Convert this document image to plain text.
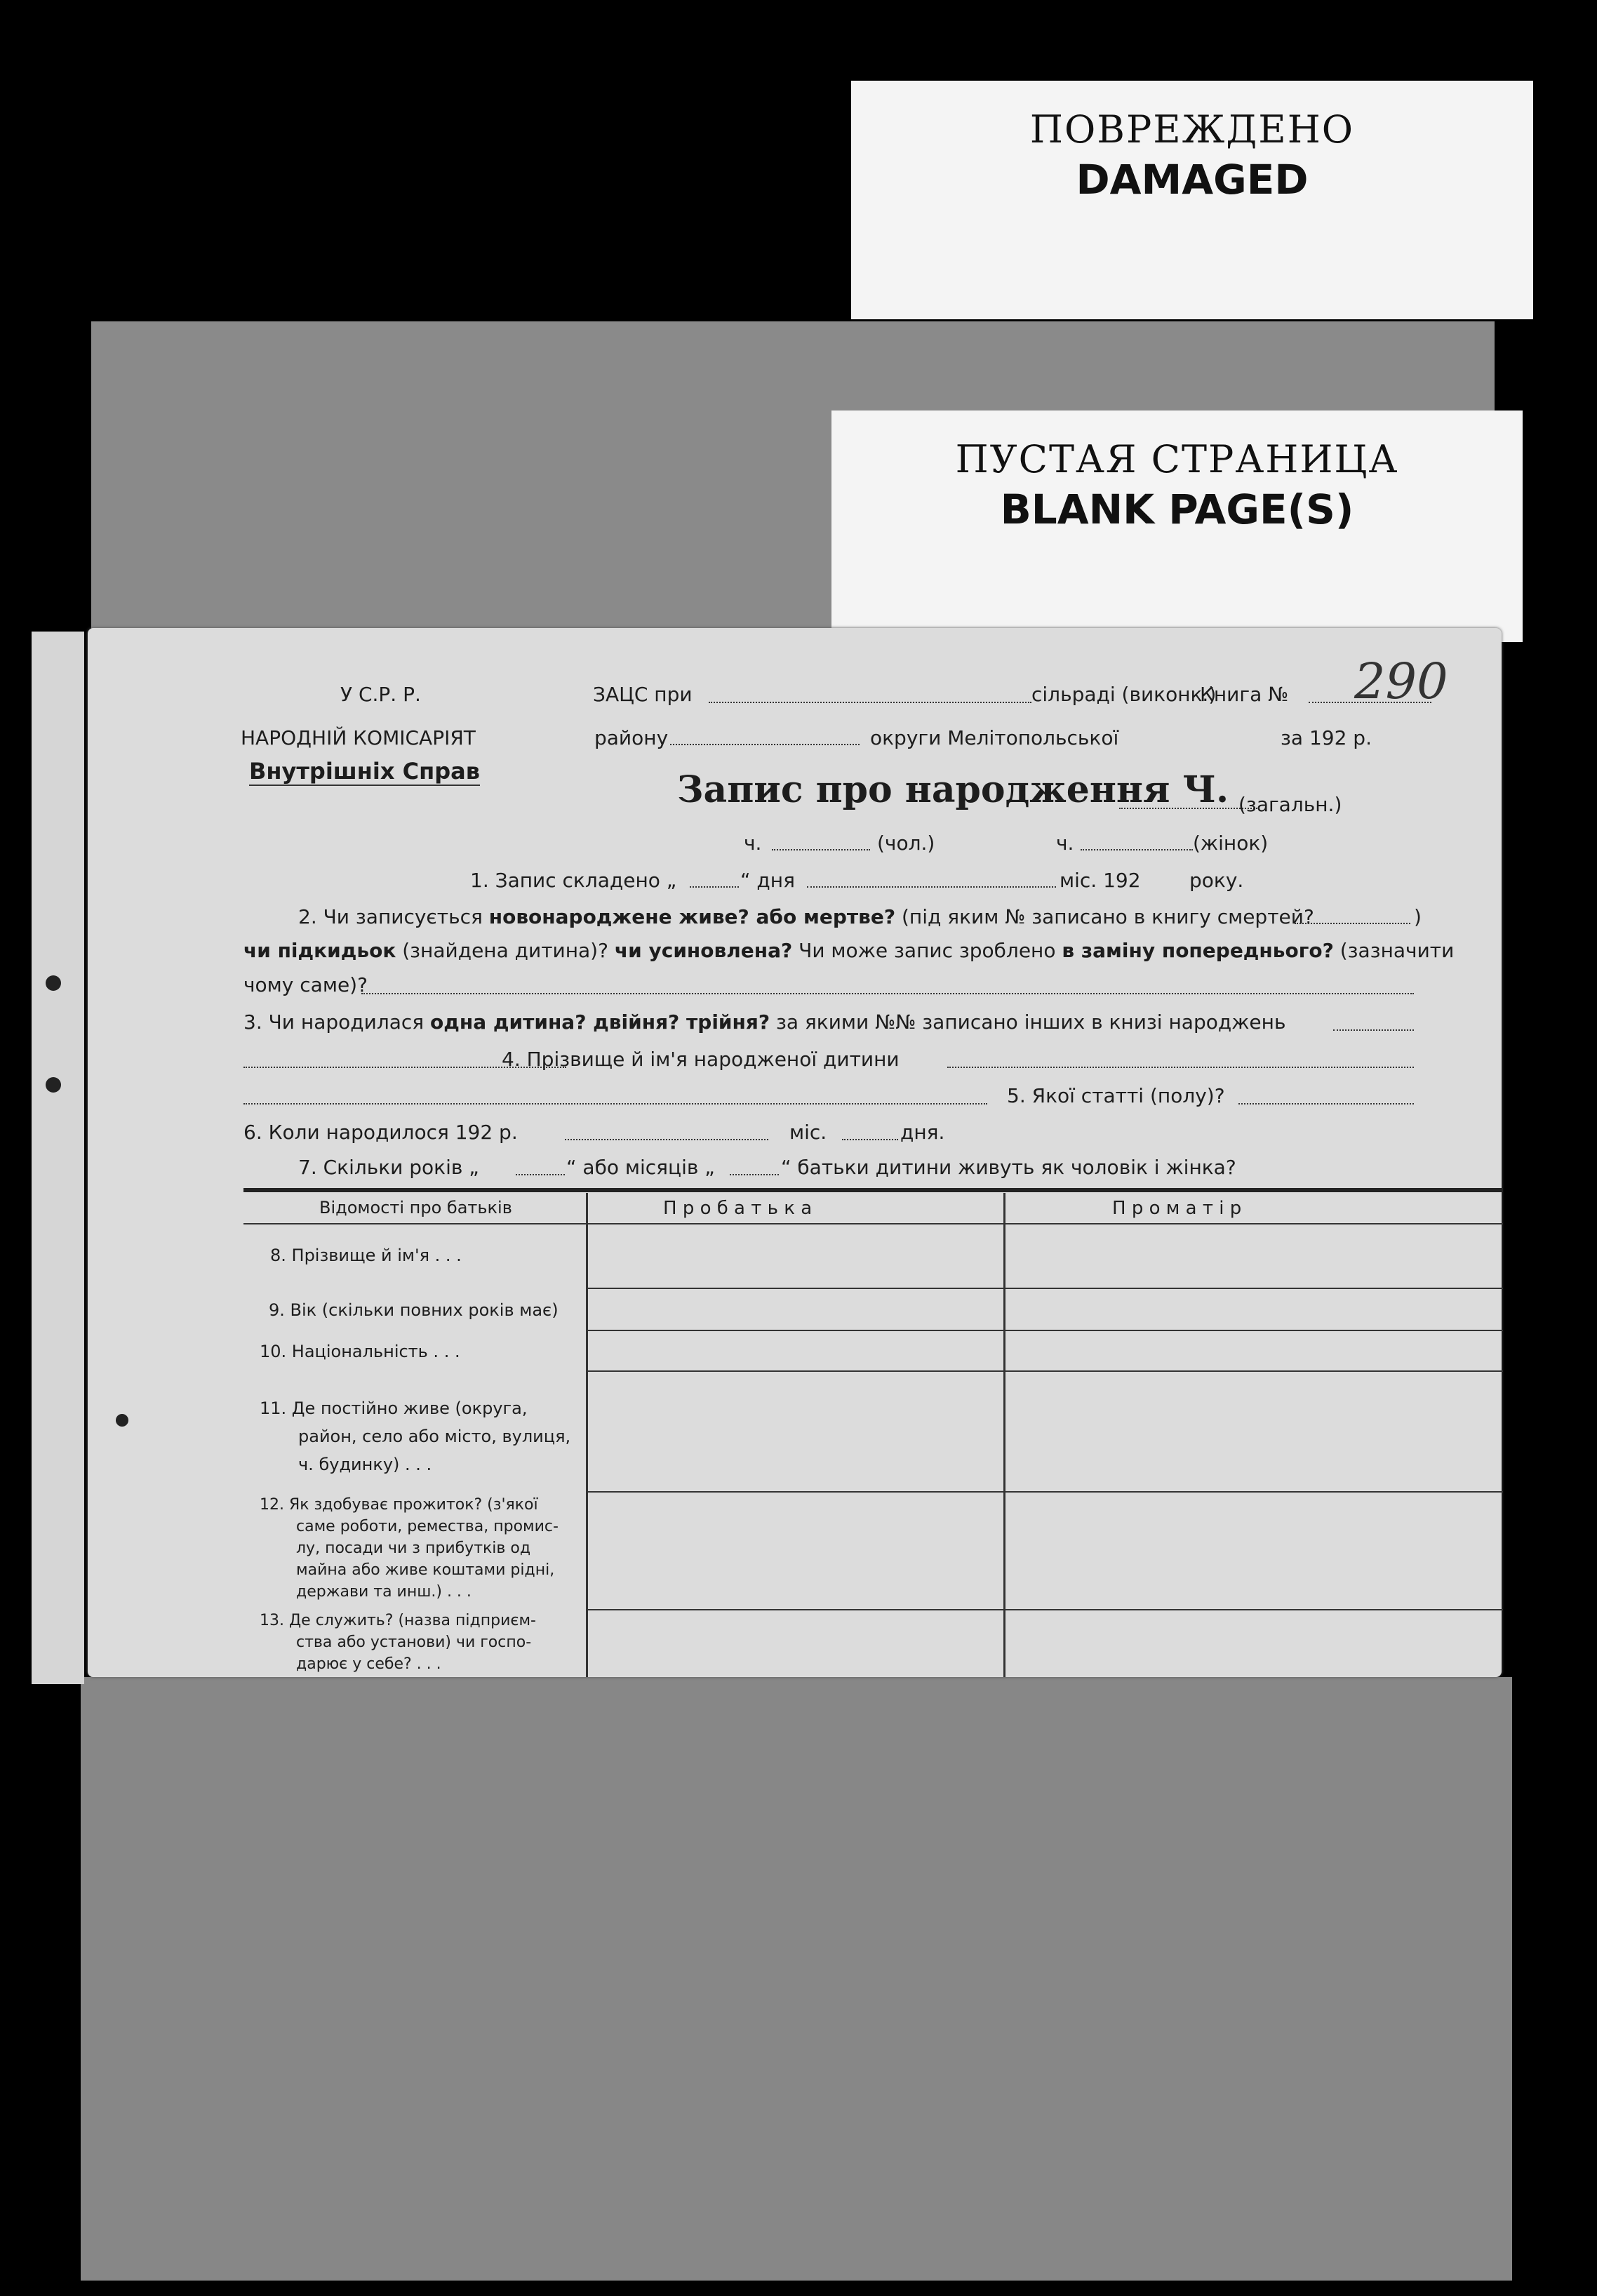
ПОВРЕЖДЕНО
DAMAGED
ПУСТАЯ СТРАНИЦА
BLANK PAGE(S)
У С.Р. Р.
НАРОДНІЙ КОМІСАРІЯТ
Внутрішніх Справ
ЗАЦС при	сільраді (виконк.)
Книга № 290
району	округи Мелітопольської	за 192 р.
Запис про народження Ч. (загальн.)
ч.	(чол.)	ч.	(жінок)
1. Запис складено „	“ дня	міс. 192 року.
2. Чи записується новонароджене живе? або мертве? (під яким № записано в книгу смертей?	)
чи підкидьок (знайдена дитина)? чи усиновлена? Чи може запис зроблено в заміну попереднього? (зазначити
чому саме)?
3. Чи народилася одна дитина? двійня? трійня? за якими №№ записано інших в книзі народжень
4. Прізвище й ім'я народженої дитини
5. Якої статті (полу)?
6. Коли народилося 192 р.	міс.	дня.
7. Скільки років „	“ або місяців „	“ батьки дитини живуть як чоловік і жінка?
Відомості про батьків	П р о б а т ь к а	П р о м а т і р
8. Прізвище й ім'я . . .
9. Вік (скільки повних років має)
10. Національність . . .
11. Де постійно живе (округа,
район, село або місто, вулиця,
ч. будинку) . . .
12. Як здобуває прожиток? (з'якої
саме роботи, ремества, промис-
лу, посади чи з прибутків од
майна або живе коштами рідні,
держави та инш.) . . .
13. Де служить? (назва підприєм-
ства або установи) чи госпо-
дарює у себе? . . .
